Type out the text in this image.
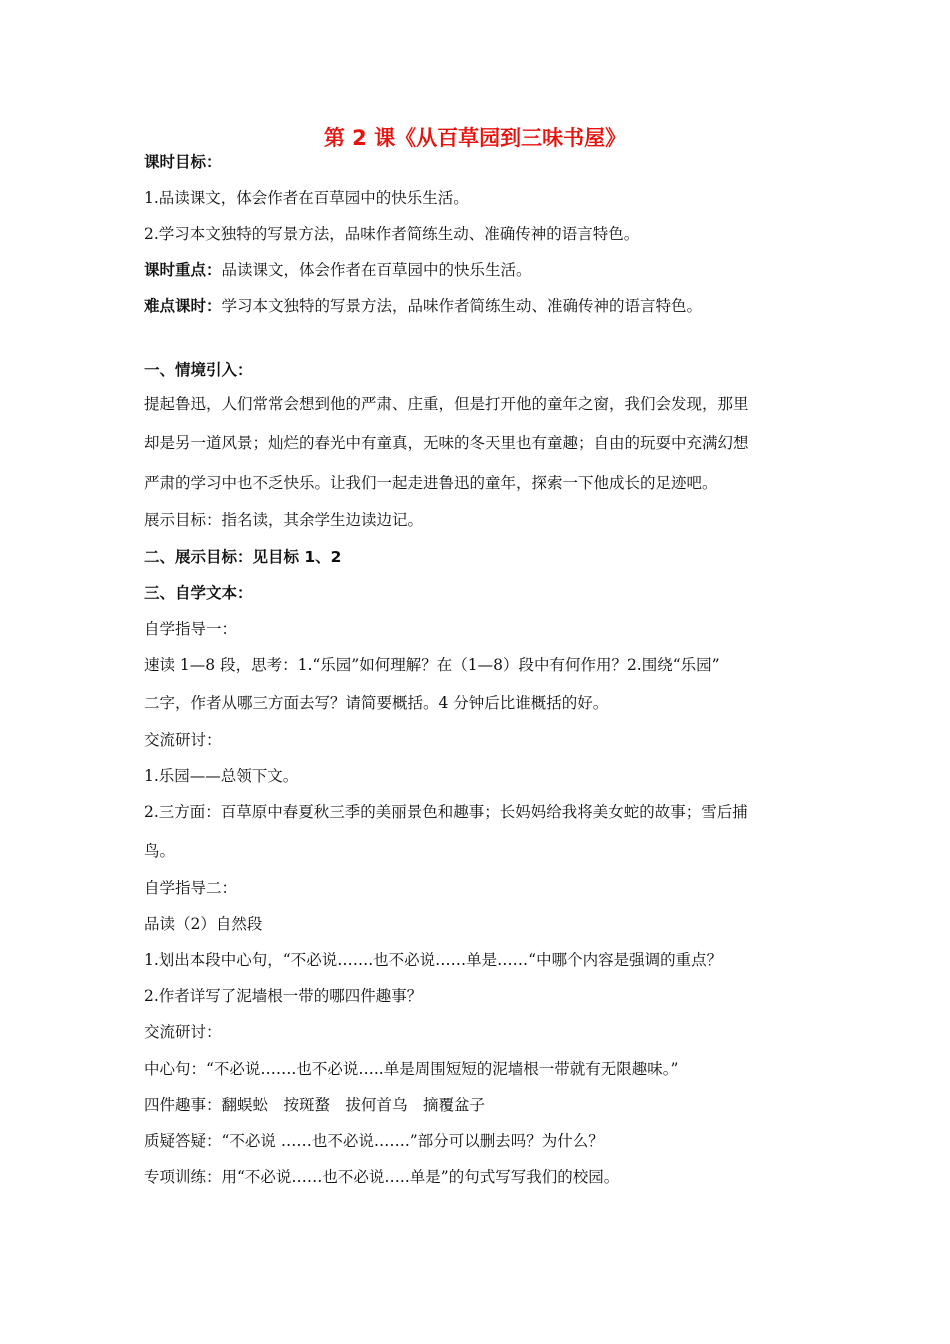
第 2 课《从百草园到三味书屋》
课时目标：
1.品读课文，体会作者在百草园中的快乐生活。
2.学习本文独特的写景方法，品味作者简练生动、准确传神的语言特色。
课时重点：品读课文，体会作者在百草园中的快乐生活。
难点课时：学习本文独特的写景方法，品味作者简练生动、准确传神的语言特色。
一、情境引入：
提起鲁迅，人们常常会想到他的严肃、庄重，但是打开他的童年之窗，我们会发现，那里
却是另一道风景；灿烂的春光中有童真，无味的冬天里也有童趣；自由的玩耍中充满幻想
严肃的学习中也不乏快乐。让我们一起走进鲁迅的童年，探索一下他成长的足迹吧。
展示目标：指名读，其余学生边读边记。
二、展示目标：见目标 1、2
三、自学文本：
自学指导一：
速读 1—8 段，思考：1.“乐园”如何理解？在（1—8）段中有何作用？2.围绕“乐园”
二字，作者从哪三方面去写？请简要概括。4 分钟后比谁概括的好。
交流研讨：
1.乐园——总领下文。
2.三方面：百草原中春夏秋三季的美丽景色和趣事；长妈妈给我将美女蛇的故事；雪后捕
鸟。
自学指导二：
品读（2）自然段
1.划出本段中心句，“不必说…….也不必说……单是……“中哪个内容是强调的重点？
2.作者详写了泥墙根一带的哪四件趣事？
交流研讨：
中心句：“不必说…….也不必说…..单是周围短短的泥墙根一带就有无限趣味。”
四件趣事：翻蜈蚣　按斑蝥　拔何首乌　摘覆盆子
质疑答疑：“不必说 ……也不必说…….”部分可以删去吗？为什么？
专项训练：用“不必说……也不必说…..单是”的句式写写我们的校园。
